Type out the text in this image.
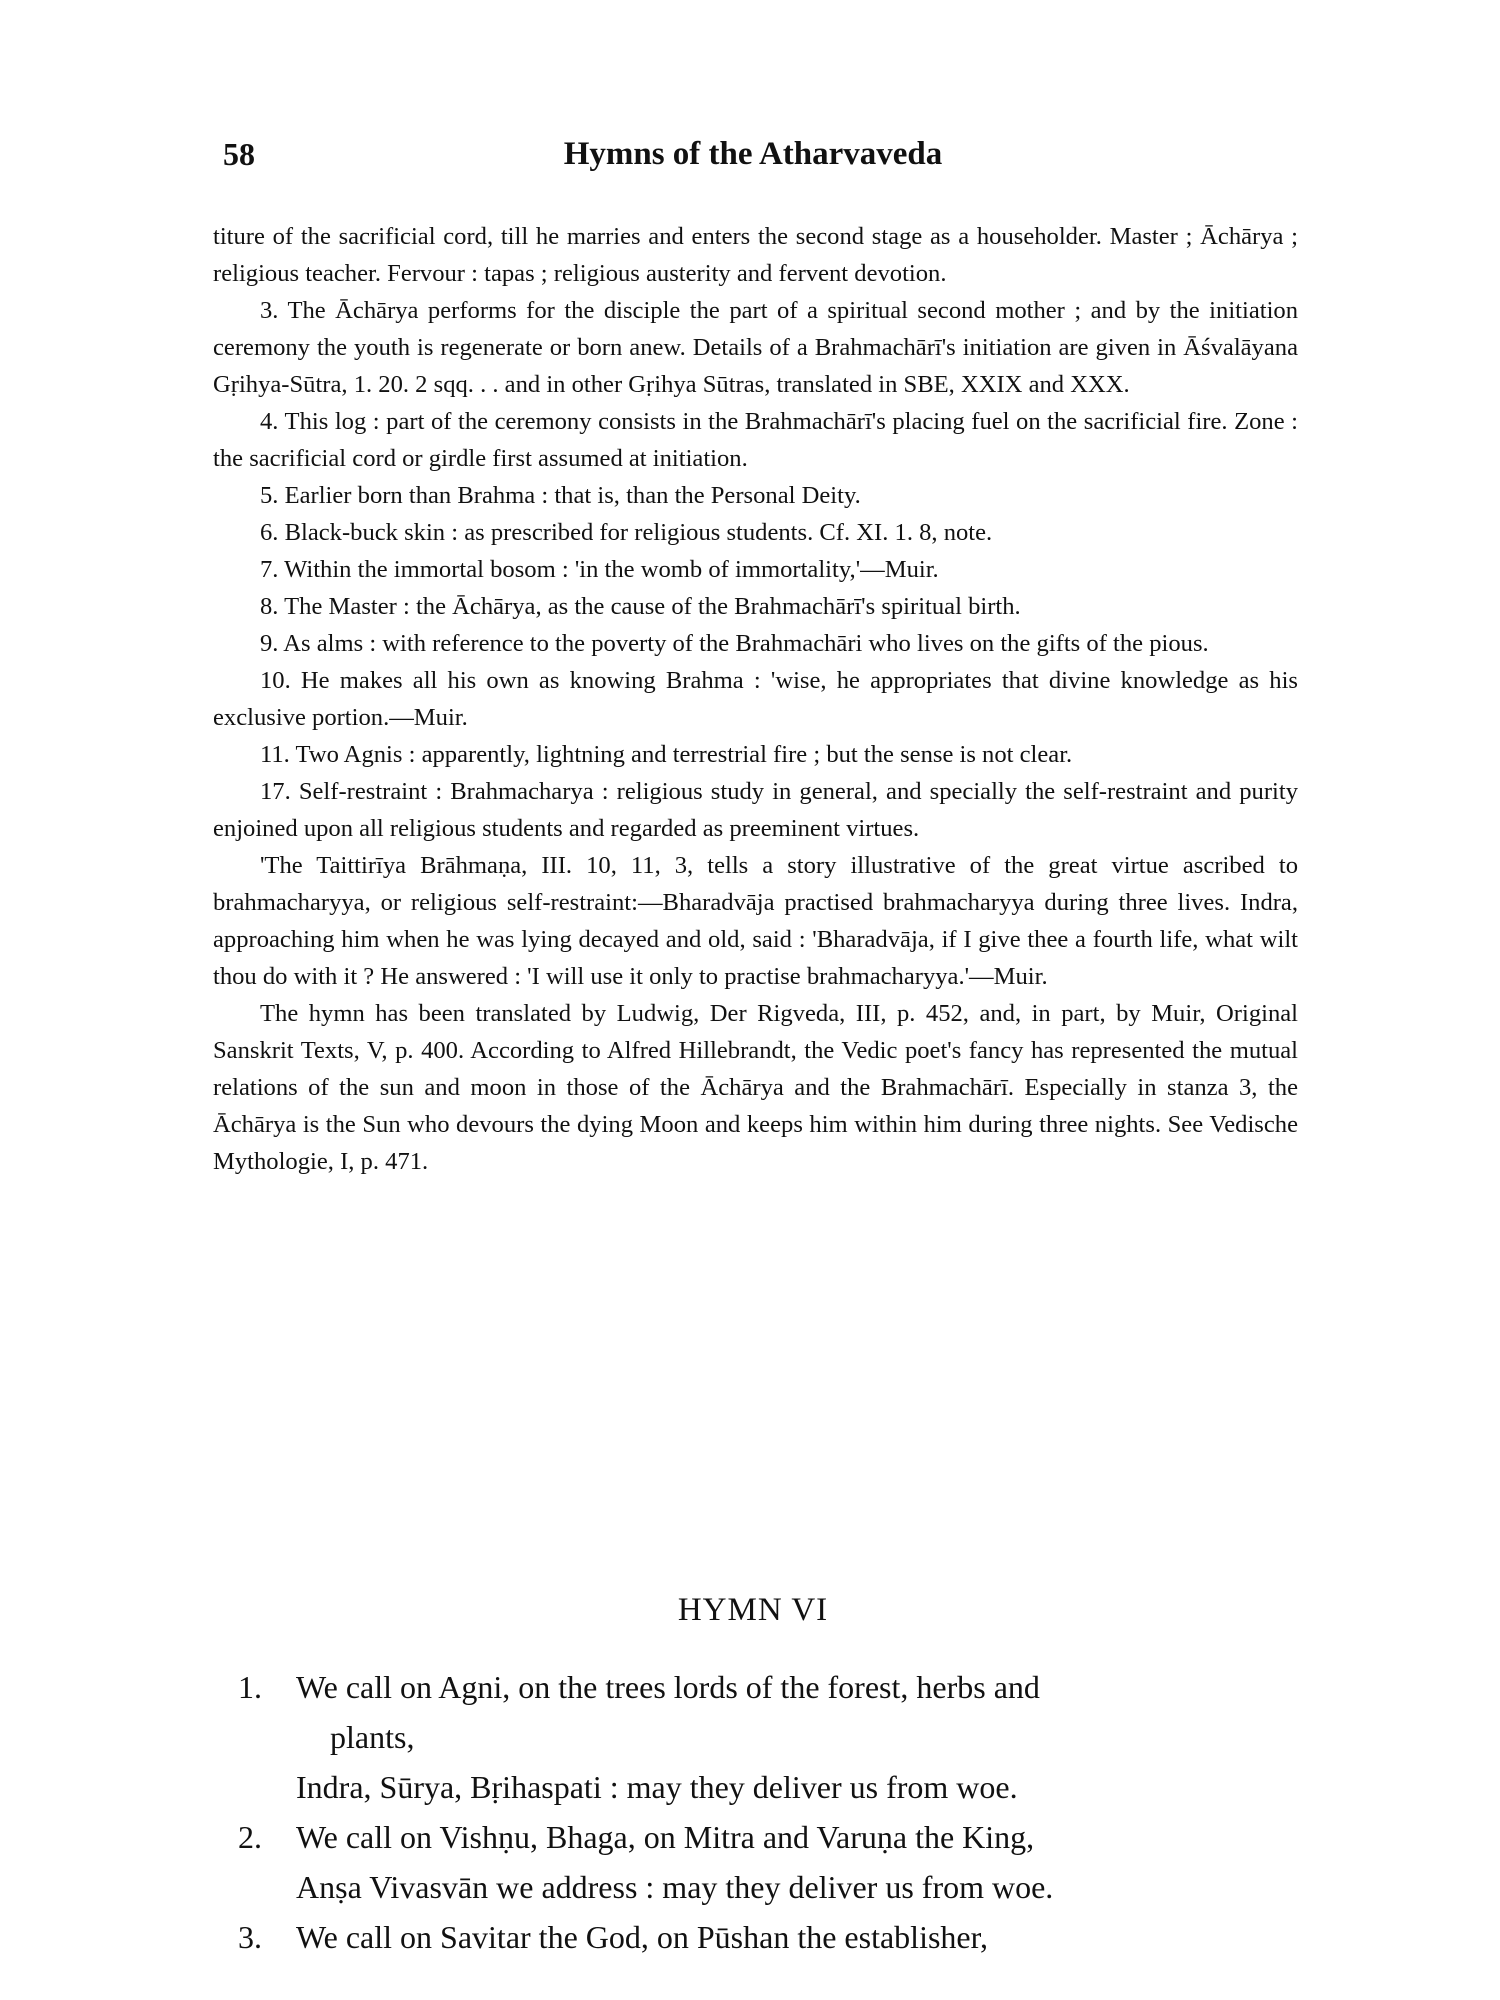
58	Hymns of the Atharvaveda

titure of the sacrificial cord, till he marries and enters the second stage as a householder. Master ; Āchārya ; religious teacher. Fervour : tapas ; religious austerity and fervent devotion.

3. The Āchārya performs for the disciple the part of a spiritual second mother ; and by the initiation ceremony the youth is regenerate or born anew. Details of a Brahmachārī's initiation are given in Āśvalāyana Gṛihya-Sūtra, 1. 20. 2 sqq. . . and in other Gṛihya Sūtras, translated in SBE, XXIX and XXX.

4. This log : part of the ceremony consists in the Brahmachārī's placing fuel on the sacrificial fire. Zone : the sacrificial cord or girdle first assumed at initiation.

5. Earlier born than Brahma : that is, than the Personal Deity.

6. Black-buck skin : as prescribed for religious students. Cf. XI. 1. 8, note.

7. Within the immortal bosom : 'in the womb of immortality,'—Muir.

8. The Master : the Āchārya, as the cause of the Brahmachārī's spiritual birth.

9. As alms : with reference to the poverty of the Brahmachāri who lives on the gifts of the pious.

10. He makes all his own as knowing Brahma : 'wise, he appropriates that divine knowledge as his exclusive portion.—Muir.

11. Two Agnis : apparently, lightning and terrestrial fire ; but the sense is not clear.

17. Self-restraint : Brahmacharya : religious study in general, and specially the self-restraint and purity enjoined upon all religious students and regarded as preeminent virtues.

'The Taittirīya Brāhmaṇa, III. 10, 11, 3, tells a story illustrative of the great virtue ascribed to brahmacharyya, or religious self-restraint:—Bharadvāja practised brahmacharyya during three lives. Indra, approaching him when he was lying decayed and old, said : 'Bharadvāja, if I give thee a fourth life, what wilt thou do with it ? He answered : 'I will use it only to practise brahmacharyya.'—Muir.

The hymn has been translated by Ludwig, Der Rigveda, III, p. 452, and, in part, by Muir, Original Sanskrit Texts, V, p. 400. According to Alfred Hillebrandt, the Vedic poet's fancy has represented the mutual relations of the sun and moon in those of the Āchārya and the Brahmachārī. Especially in stanza 3, the Āchārya is the Sun who devours the dying Moon and keeps him within him during three nights. See Vedische Mythologie, I, p. 471.

HYMN VI
1. We call on Agni, on the trees lords of the forest, herbs and
plants,
Indra, Sūrya, Bṛihaspati : may they deliver us from woe.
2. We call on Vishṇu, Bhaga, on Mitra and Varuṇa the King,
Anṣa Vivasvān we address : may they deliver us from woe.
3. We call on Savitar the God, on Pūshan the establisher,
